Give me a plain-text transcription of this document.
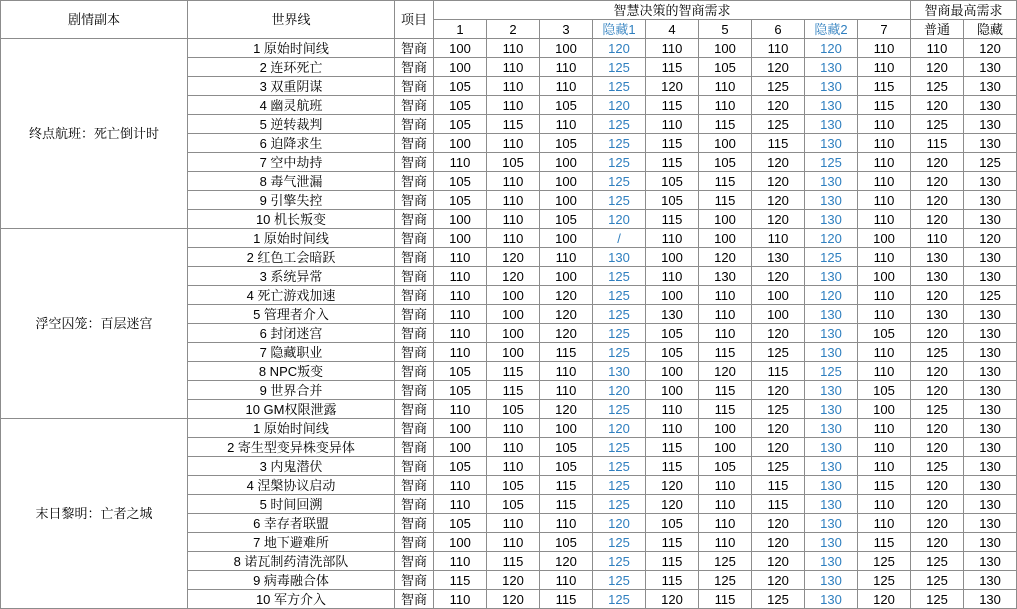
剧情副本	世界线	项目	智慧决策的智商需求									智商最高需求	
			1	2	3	隐藏1	4	5	6	隐藏2	7	普通	隐藏
终点航班：死亡倒计时	1 原始时间线	智商	100	110	100	120	110	100	110	120	110	110	120
	2 连环死亡	智商	100	110	110	125	115	105	120	130	110	120	130
	3 双重阴谋	智商	105	110	110	125	120	110	125	130	115	125	130
	4 幽灵航班	智商	105	110	105	120	115	110	120	130	115	120	130
	5 逆转裁判	智商	105	115	110	125	110	115	125	130	110	125	130
	6 迫降求生	智商	100	110	105	125	115	100	115	130	110	115	130
	7 空中劫持	智商	110	105	100	125	115	105	120	125	110	120	125
	8 毒气泄漏	智商	105	110	100	125	105	115	120	130	110	120	130
	9 引擎失控	智商	105	110	100	125	105	115	120	130	110	120	130
	10 机长叛变	智商	100	110	105	120	115	100	120	130	110	120	130
浮空囚笼：百层迷宫	1 原始时间线	智商	100	110	100	/	110	100	110	120	100	110	120
	2 红色工会暗跃	智商	110	120	110	130	100	120	130	125	110	130	130
	3 系统异常	智商	110	120	100	125	110	130	120	130	100	130	130
	4 死亡游戏加速	智商	110	100	120	125	100	110	100	120	110	120	125
	5 管理者介入	智商	110	100	120	125	130	110	100	130	110	130	130
	6 封闭迷宫	智商	110	100	120	125	105	110	120	130	105	120	130
	7 隐藏职业	智商	110	100	115	125	105	115	125	130	110	125	130
	8 NPC叛变	智商	105	115	110	130	100	120	115	125	110	120	130
	9 世界合并	智商	105	115	110	120	100	115	120	130	105	120	130
	10 GM权限泄露	智商	110	105	120	125	110	115	125	130	100	125	130
末日黎明：亡者之城	1 原始时间线	智商	100	110	100	120	110	100	120	130	110	120	130
	2 寄生型变异株变异体	智商	100	110	105	125	115	100	120	130	110	120	130
	3 内鬼潜伏	智商	105	110	105	125	115	105	125	130	110	125	130
	4 涅槃协议启动	智商	110	105	115	125	120	110	115	130	115	120	130
	5 时间回溯	智商	110	105	115	125	120	110	115	130	110	120	130
	6 幸存者联盟	智商	105	110	110	120	105	110	120	130	110	120	130
	7 地下避难所	智商	100	110	105	125	115	110	120	130	115	120	130
	8 诺瓦制药清洗部队	智商	110	115	120	125	115	125	120	130	125	125	130
	9 病毒融合体	智商	115	120	110	125	115	125	120	130	125	125	130
	10 军方介入	智商	110	120	115	125	120	115	125	130	120	125	130
